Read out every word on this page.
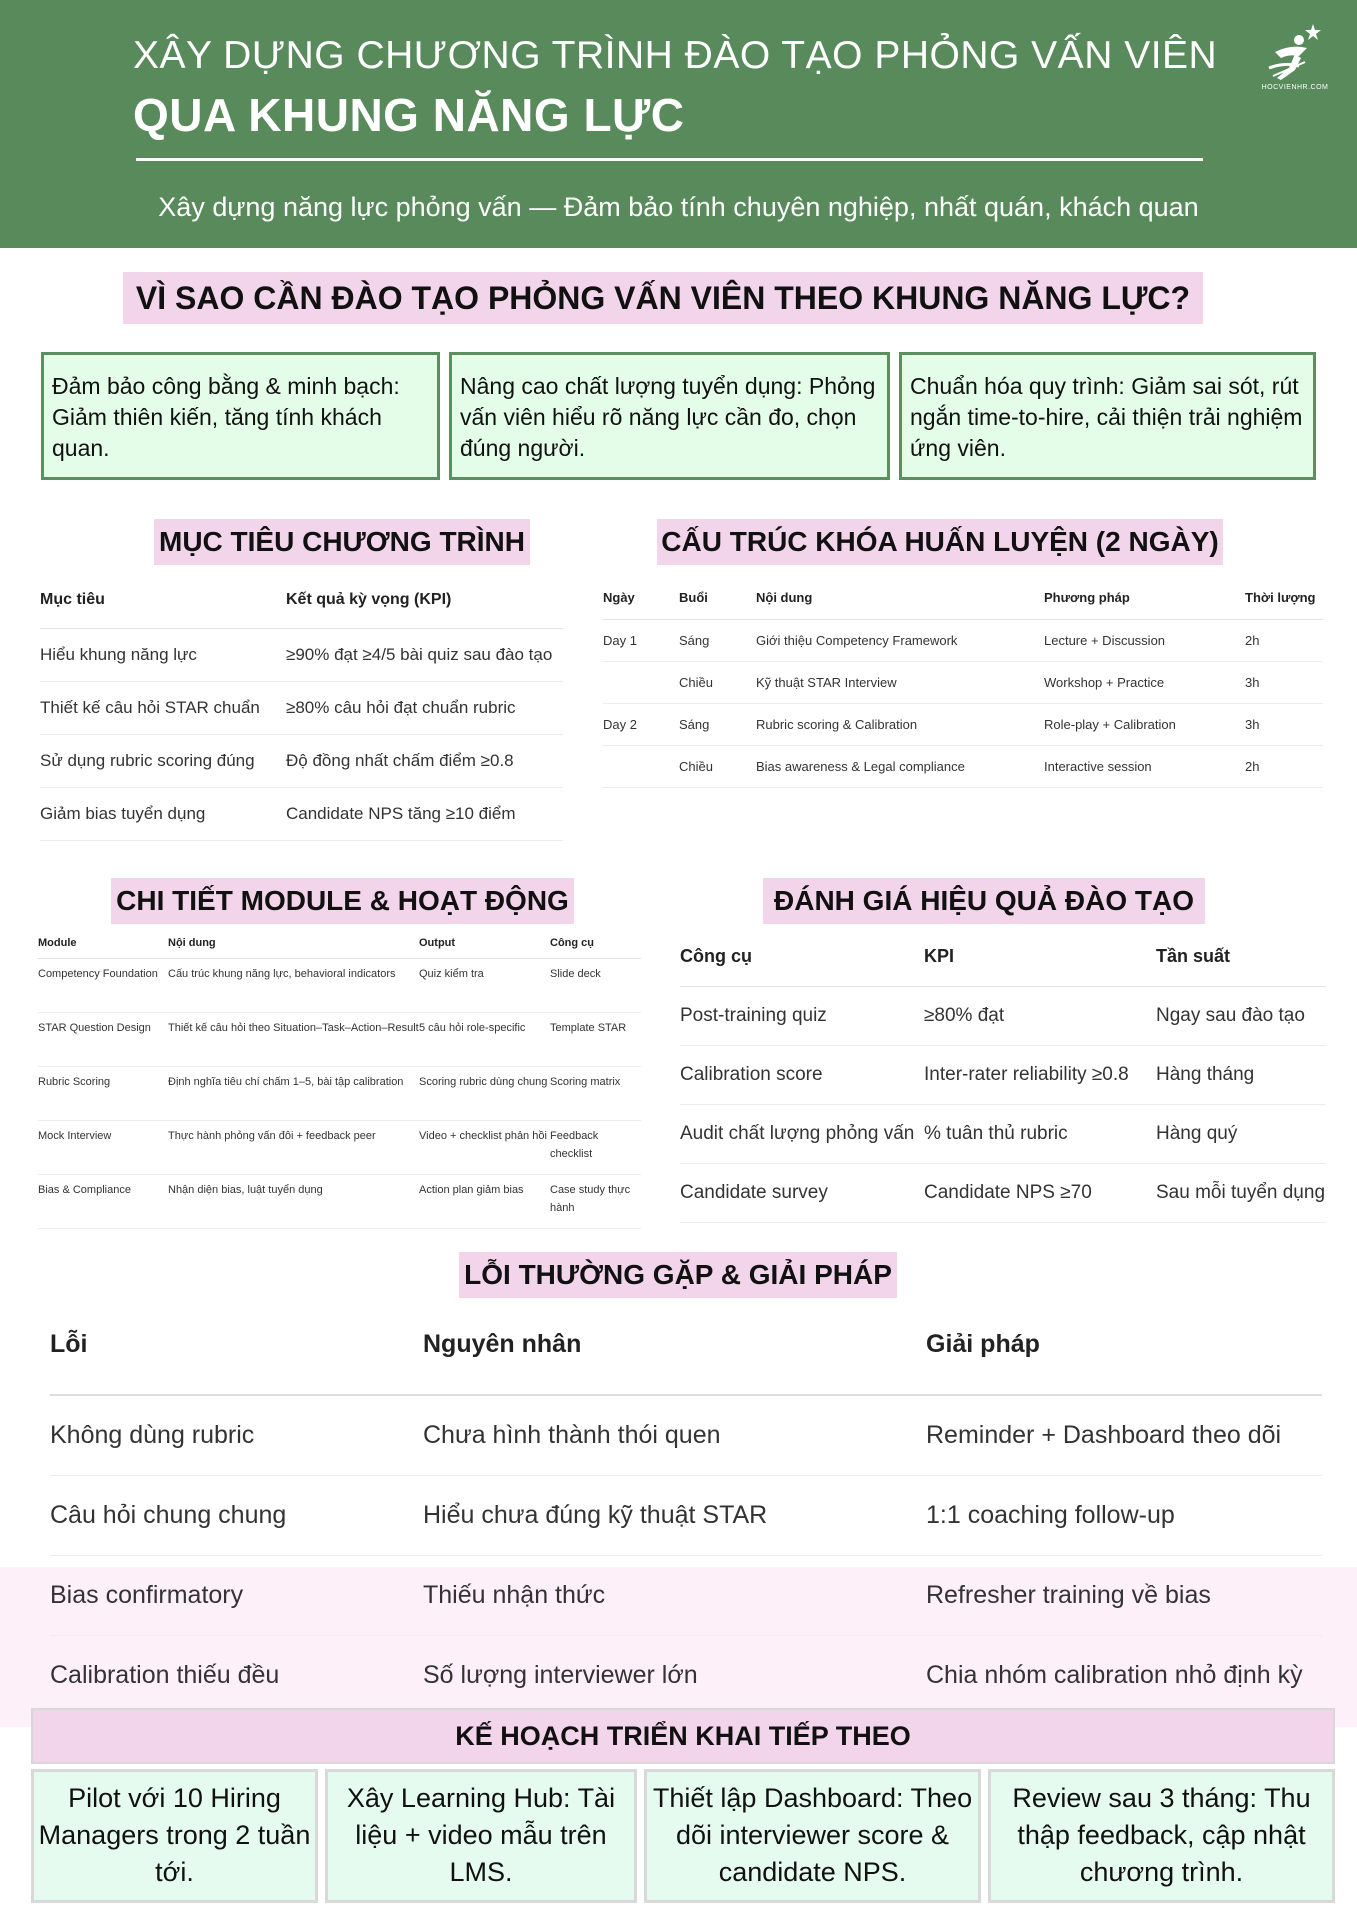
XÂY DỰNG CHƯƠNG TRÌNH ĐÀO TẠO PHỎNG VẤN VIÊN
QUA KHUNG NĂNG LỰC
Xây dựng năng lực phỏng vấn — Đảm bảo tính chuyên nghiệp, nhất quán, khách quan
HOCVIENHR.COM
VÌ SAO CẦN ĐÀO TẠO PHỎNG VẤN VIÊN THEO KHUNG NĂNG LỰC?
Đảm bảo công bằng & minh bạch: Giảm thiên kiến, tăng tính khách quan.
Nâng cao chất lượng tuyển dụng: Phỏng vấn viên hiểu rõ năng lực cần đo, chọn đúng người.
Chuẩn hóa quy trình: Giảm sai sót, rút ngắn time-to-hire, cải thiện trải nghiệm ứng viên.
MỤC TIÊU CHƯƠNG TRÌNH
Mục tiêu	Kết quả kỳ vọng (KPI)
Hiểu khung năng lực	≥90% đạt ≥4/5 bài quiz sau đào tạo
Thiết kế câu hỏi STAR chuẩn	≥80% câu hỏi đạt chuẩn rubric
Sử dụng rubric scoring đúng	Độ đồng nhất chấm điểm ≥0.8
Giảm bias tuyển dụng	Candidate NPS tăng ≥10 điểm
CẤU TRÚC KHÓA HUẤN LUYỆN (2 NGÀY)
Ngày	Buổi	Nội dung	Phương pháp	Thời lượng
Day 1	Sáng	Giới thiệu Competency Framework	Lecture + Discussion	2h
	Chiều	Kỹ thuật STAR Interview	Workshop + Practice	3h
Day 2	Sáng	Rubric scoring & Calibration	Role-play + Calibration	3h
	Chiều	Bias awareness & Legal compliance	Interactive session	2h
CHI TIẾT MODULE & HOẠT ĐỘNG
Module	Nội dung	Output	Công cụ
Competency Foundation	Cấu trúc khung năng lực, behavioral indicators	Quiz kiểm tra	Slide deck
STAR Question Design	Thiết kế câu hỏi theo Situation–Task–Action–Result	5 câu hỏi role-specific	Template STAR
Rubric Scoring	Định nghĩa tiêu chí chấm 1–5, bài tập calibration	Scoring rubric dùng chung	Scoring matrix
Mock Interview	Thực hành phỏng vấn đôi + feedback peer	Video + checklist phản hồi	Feedback checklist
Bias & Compliance	Nhận diện bias, luật tuyển dụng	Action plan giảm bias	Case study thực hành
ĐÁNH GIÁ HIỆU QUẢ ĐÀO TẠO
Công cụ	KPI	Tần suất
Post-training quiz	≥80% đạt	Ngay sau đào tạo
Calibration score	Inter-rater reliability ≥0.8	Hàng tháng
Audit chất lượng phỏng vấn	% tuân thủ rubric	Hàng quý
Candidate survey	Candidate NPS ≥70	Sau mỗi tuyển dụng
LỖI THƯỜNG GẶP & GIẢI PHÁP
Lỗi	Nguyên nhân	Giải pháp
Không dùng rubric	Chưa hình thành thói quen	Reminder + Dashboard theo dõi
Câu hỏi chung chung	Hiểu chưa đúng kỹ thuật STAR	1:1 coaching follow-up
Bias confirmatory	Thiếu nhận thức	Refresher training về bias
Calibration thiếu đều	Số lượng interviewer lớn	Chia nhóm calibration nhỏ định kỳ
KẾ HOẠCH TRIỂN KHAI TIẾP THEO
Pilot với 10 Hiring Managers trong 2 tuần tới.
Xây Learning Hub: Tài liệu + video mẫu trên LMS.
Thiết lập Dashboard: Theo dõi interviewer score & candidate NPS.
Review sau 3 tháng: Thu thập feedback, cập nhật chương trình.
